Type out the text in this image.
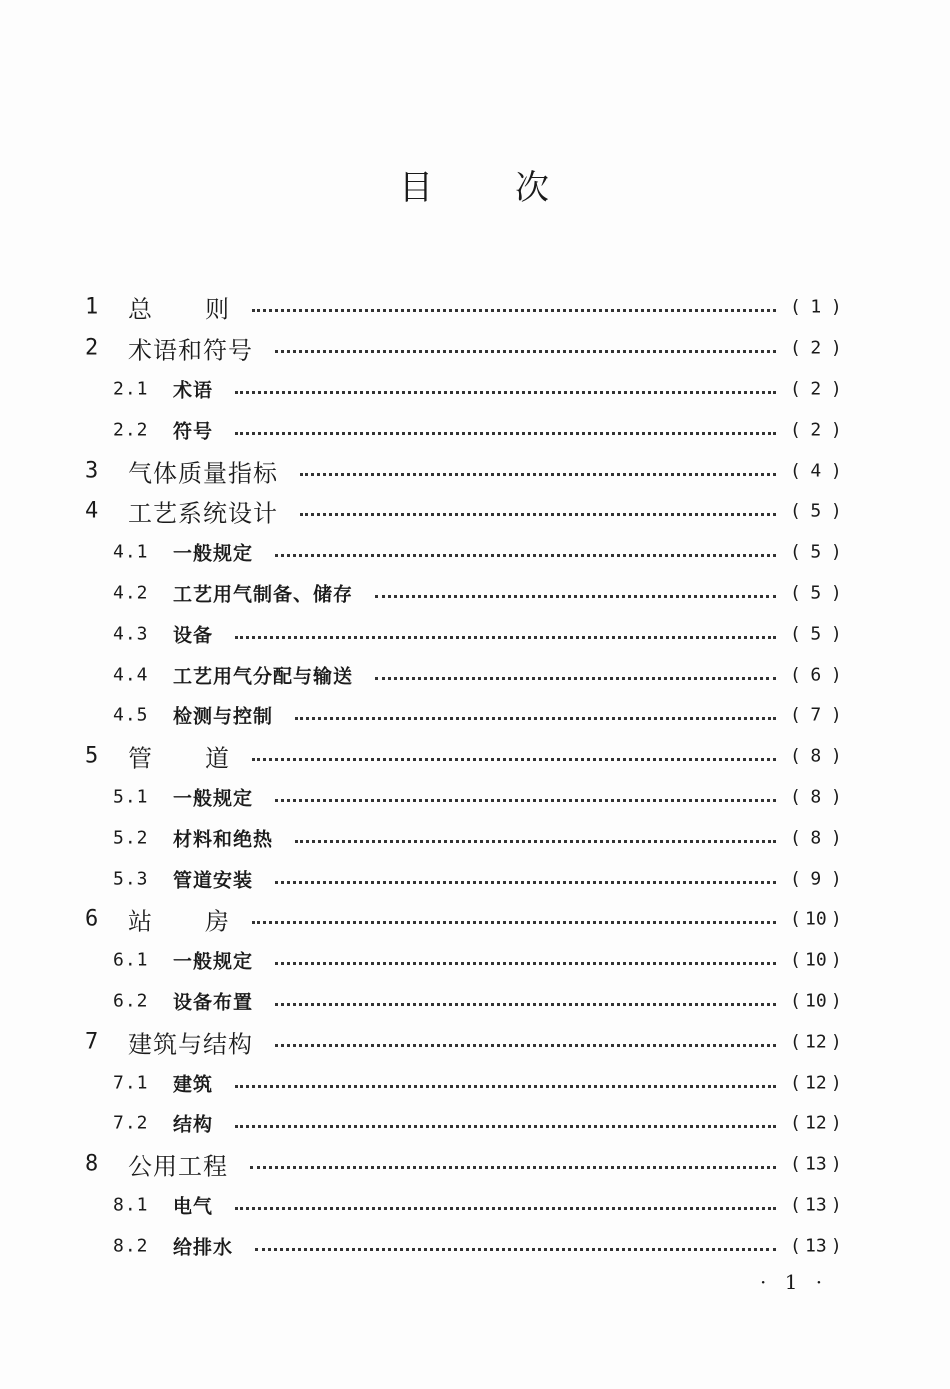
目 次
1 总 则	( 1 )
2 术语和符号	( 2 )
2.1 术语	( 2 )
2.2 符号	( 2 )
3 气体质量指标	( 4 )
4 工艺系统设计	( 5 )
4.1 一般规定	( 5 )
4.2 工艺用气制备、储存	( 5 )
4.3 设备	( 5 )
4.4 工艺用气分配与输送	( 6 )
4.5 检测与控制	( 7 )
5 管 道	( 8 )
5.1 一般规定	( 8 )
5.2 材料和绝热	( 8 )
5.3 管道安装	( 9 )
6 站 房	( 10 )
6.1 一般规定	( 10 )
6.2 设备布置	( 10 )
7 建筑与结构	( 12 )
7.1 建筑	( 12 )
7.2 结构	( 12 )
8 公用工程	( 13 )
8.1 电气	( 13 )
8.2 给排水	( 13 )
· 1 ·
